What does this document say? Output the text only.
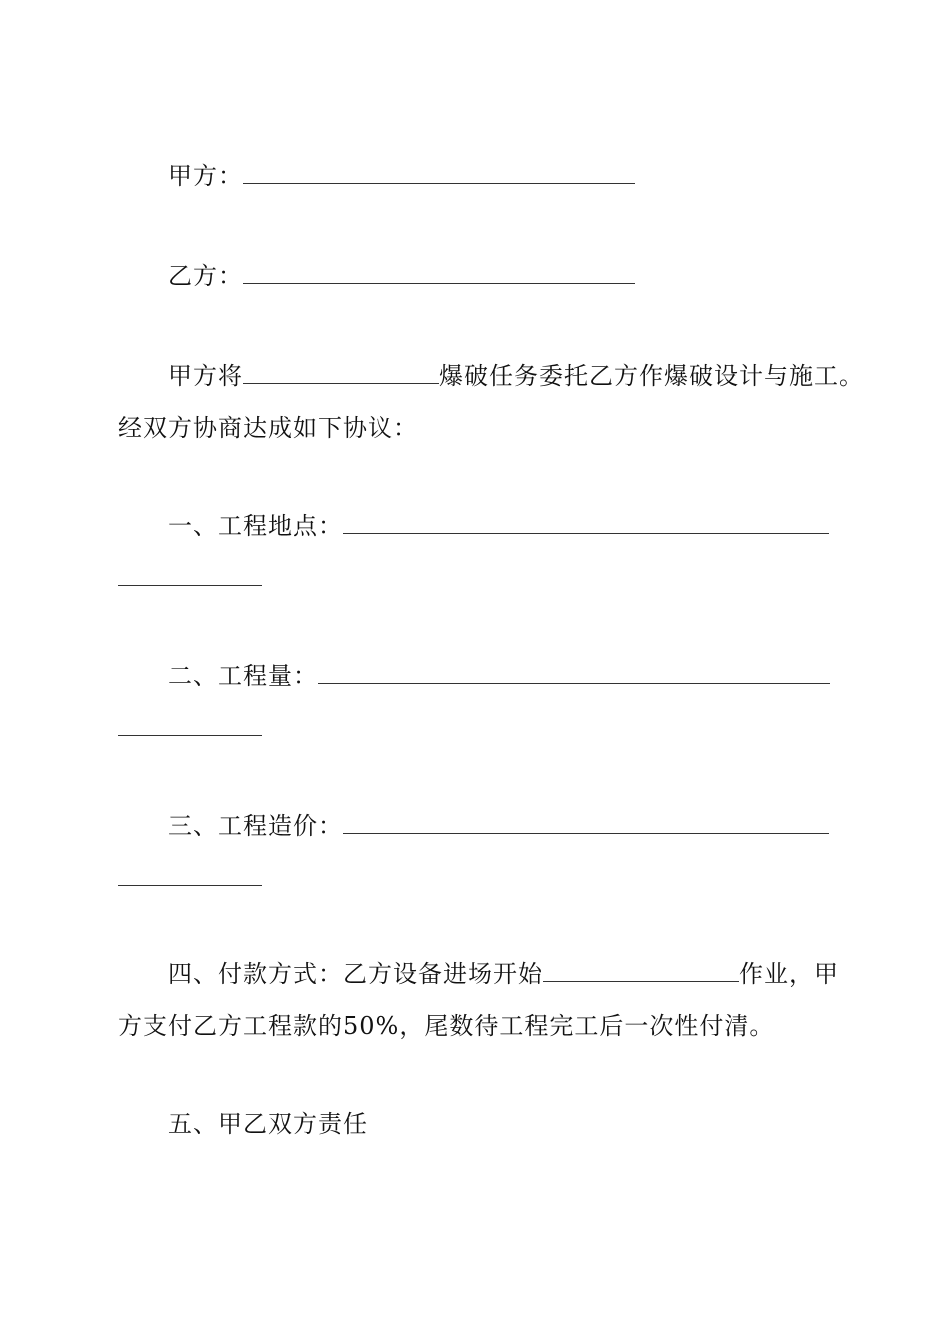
甲方：
乙方：
甲方将	爆破任务委托乙方作爆破设计与施工。
经双方协商达成如下协议：
一、工程地点：
二、工程量：
三、工程造价：
四、付款方式：乙方设备进场开始	作业，甲
方支付乙方工程款的50%，尾数待工程完工后一次性付清。
五、甲乙双方责任
